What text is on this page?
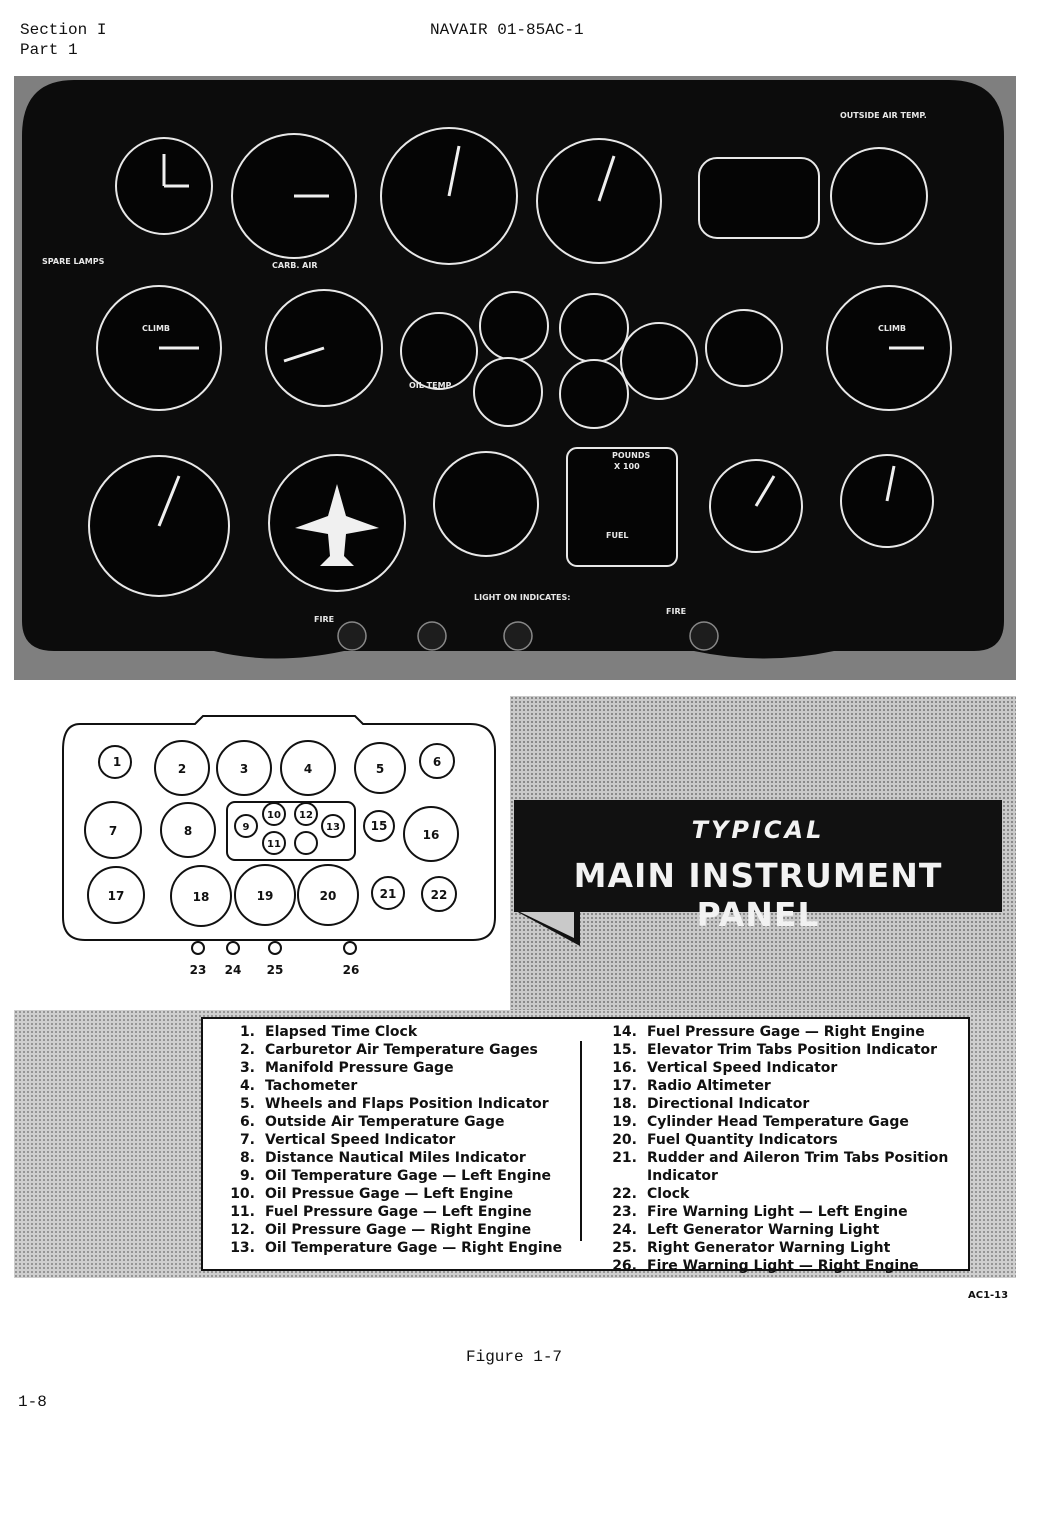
Section I
Part 1
NAVAIR 01-85AC-1
OUTSIDE AIR TEMP.
SPARE LAMPS	CARB. AIR
CLIMB	CLIMB
POUNDS
X 100
FUEL
OIL TEMP.
LIGHT ON INDICATES:
FIRE
FIRE
1	2	3	4	5	6
7	8	9
10
11
12
13	15
16
17	18	19	20	21	22
23 24 25	26
TYPICAL
MAIN INSTRUMENT PANEL
1. Elapsed Time Clock
2. Carburetor Air Temperature Gages
3. Manifold Pressure Gage
4. Tachometer
5. Wheels and Flaps Position Indicator
6. Outside Air Temperature Gage
7. Vertical Speed Indicator
8. Distance Nautical Miles Indicator
9. Oil Temperature Gage — Left Engine
10. Oil Pressue Gage — Left Engine
11. Fuel Pressure Gage — Left Engine
12. Oil Pressure Gage — Right Engine
13. Oil Temperature Gage — Right Engine
14. Fuel Pressure Gage — Right Engine
15. Elevator Trim Tabs Position Indicator
16. Vertical Speed Indicator
17. Radio Altimeter
18. Directional Indicator
19. Cylinder Head Temperature Gage
20. Fuel Quantity Indicators
21. Rudder and Aileron Trim Tabs Position Indicator
22. Clock
23. Fire Warning Light — Left Engine
24. Left Generator Warning Light
25. Right Generator Warning Light
26. Fire Warning Light — Right Engine
AC1-13
Figure 1-7
1-8
